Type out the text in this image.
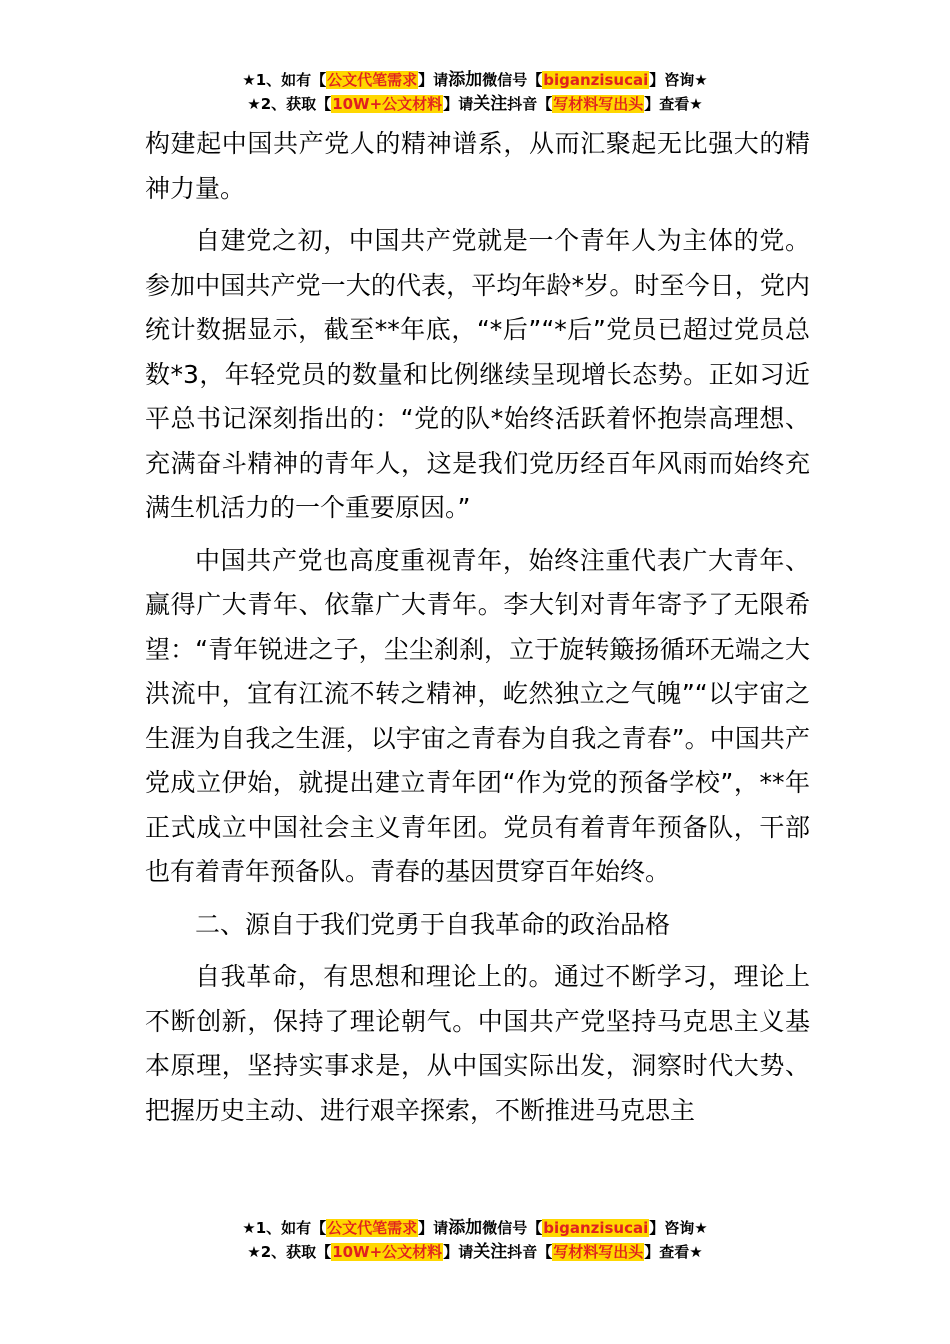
★1、如有【公文代笔需求】请添加微信号【biganzisucai】咨询★
★2、获取【10W+公文材料】请关注抖音【写材料写出头】查看★

构建起中国共产党人的精神谱系，从而汇聚起无比强大的精神力量。

自建党之初，中国共产党就是一个青年人为主体的党。参加中国共产党一大的代表，平均年龄*岁。时至今日，党内统计数据显示，截至**年底，“*后”“*后”党员已超过党员总数*3，年轻党员的数量和比例继续呈现增长态势。正如习近平总书记深刻指出的：“党的队*始终活跃着怀抱崇高理想、充满奋斗精神的青年人，这是我们党历经百年风雨而始终充满生机活力的一个重要原因。”

中国共产党也高度重视青年，始终注重代表广大青年、赢得广大青年、依靠广大青年。李大钊对青年寄予了无限希望：“青年锐进之子，尘尘刹刹，立于旋转簸扬循环无端之大洪流中，宜有江流不转之精神，屹然独立之气魄”“以宇宙之生涯为自我之生涯，以宇宙之青春为自我之青春”。中国共产党成立伊始，就提出建立青年团“作为党的预备学校”，**年正式成立中国社会主义青年团。党员有着青年预备队，干部也有着青年预备队。青春的基因贯穿百年始终。

二、源自于我们党勇于自我革命的政治品格

自我革命，有思想和理论上的。通过不断学习，理论上不断创新，保持了理论朝气。中国共产党坚持马克思主义基本原理，坚持实事求是，从中国实际出发，洞察时代大势、把握历史主动、进行艰辛探索，不断推进马克思主

★1、如有【公文代笔需求】请添加微信号【biganzisucai】咨询★
★2、获取【10W+公文材料】请关注抖音【写材料写出头】查看★
